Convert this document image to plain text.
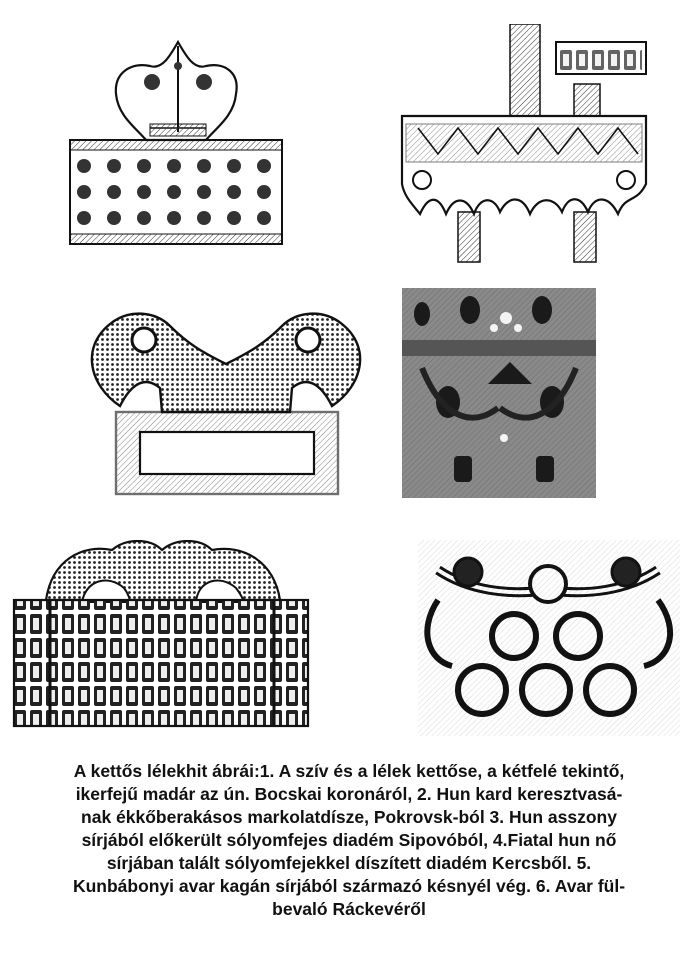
A kettős lélekhit ábrái:1. A szív és a lélek kettőse, a kétfelé tekintő,
ikerfejű madár az ún. Bocskai koronáról, 2. Hun kard keresztvasá-
nak ékkőberakásos markolatdísze, Pokrovsk-ból 3. Hun asszony
sírjából előkerült sólyomfejes diadém Sipovóból, 4.Fiatal hun nő
sírjában talált sólyomfejekkel díszített diadém Kercsből. 5.
Kunbábonyi avar kagán sírjából származó késnyél vég. 6. Avar fül-
bevaló Ráckevéről
